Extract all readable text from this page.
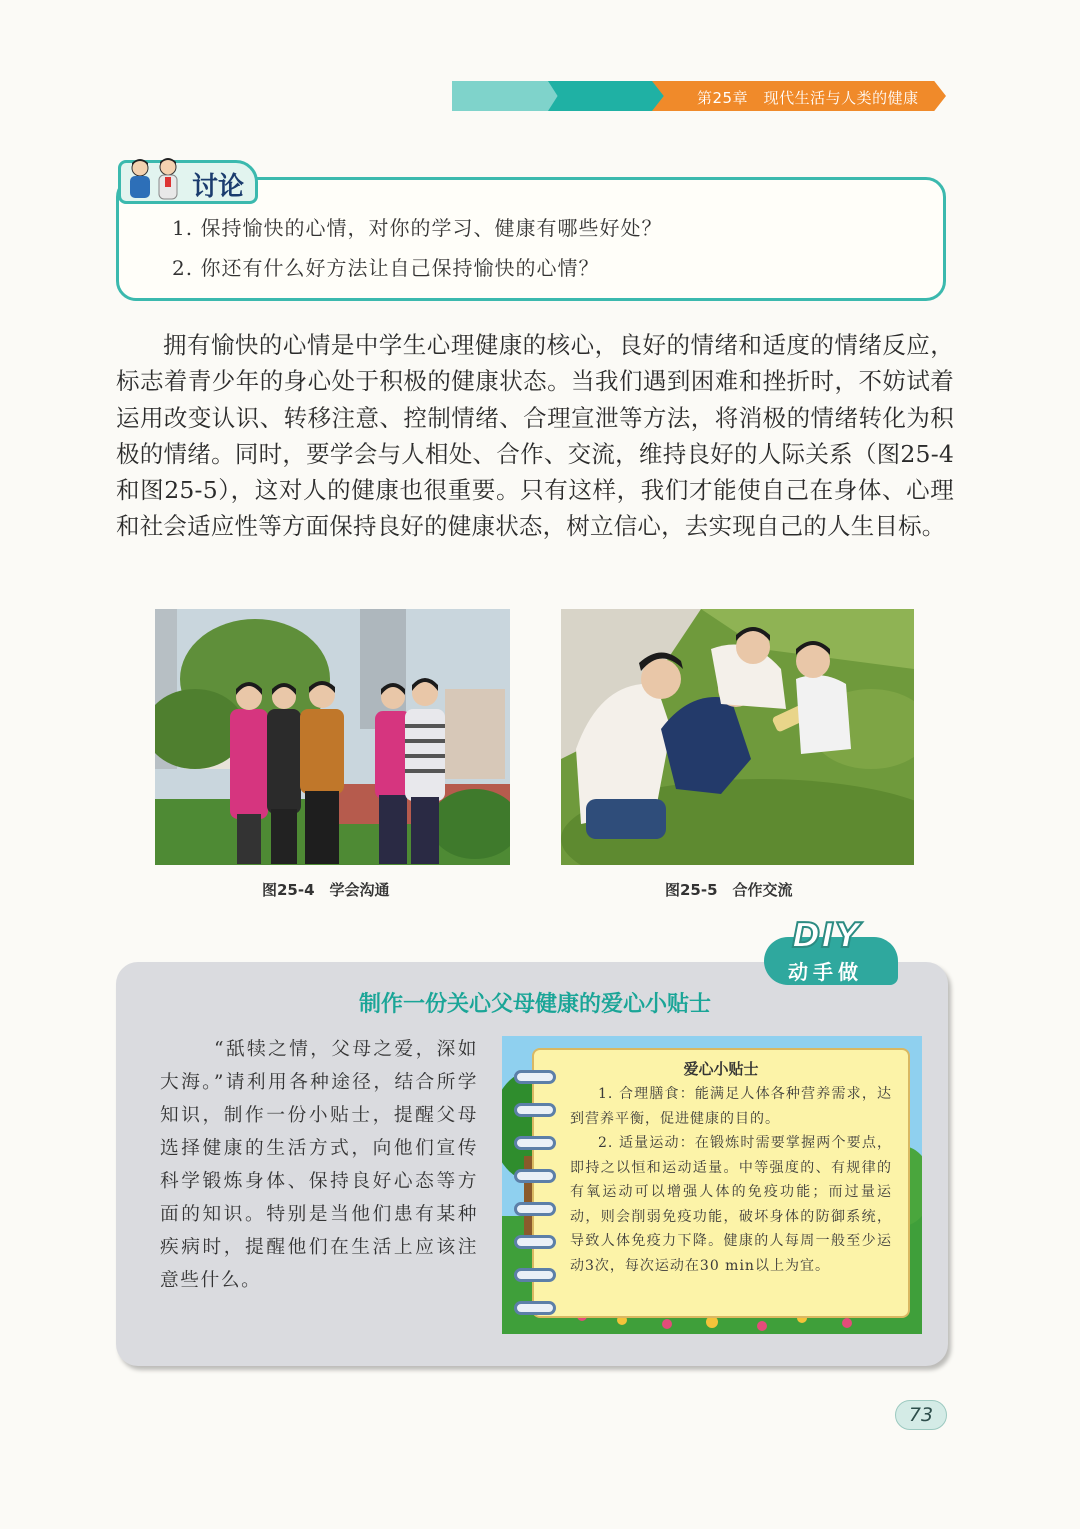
第25章　现代生活与人类的健康
讨论
1. 保持愉快的心情，对你的学习、健康有哪些好处？
2. 你还有什么好方法让自己保持愉快的心情？

拥有愉快的心情是中学生心理健康的核心，良好的情绪和适度的情绪反应，标志着青少年的身心处于积极的健康状态。当我们遇到困难和挫折时，不妨试着运用改变认识、转移注意、控制情绪、合理宣泄等方法，将消极的情绪转化为积极的情绪。同时，要学会与人相处、合作、交流，维持良好的人际关系（图25-4和图25-5），这对人的健康也很重要。只有这样，我们才能使自己在身体、心理和社会适应性等方面保持良好的健康状态，树立信心，去实现自己的人生目标。

图25-4　学会沟通	图25-5　合作交流
DIY
动手做
制作一份关心父母健康的爱心小贴士

“舐犊之情，父母之爱，深如大海。”请利用各种途径，结合所学知识，制作一份小贴士，提醒父母选择健康的生活方式，向他们宣传科学锻炼身体、保持良好心态等方面的知识。特别是当他们患有某种疾病时，提醒他们在生活上应该注意些什么。

爱心小贴士

1. 合理膳食：能满足人体各种营养需求，达到营养平衡，促进健康的目的。

2. 适量运动：在锻炼时需要掌握两个要点，即持之以恒和运动适量。中等强度的、有规律的有氧运动可以增强人体的免疫功能；而过量运动，则会削弱免疫功能，破坏身体的防御系统，导致人体免疫力下降。健康的人每周一般至少运动3次，每次运动在30 min以上为宜。

73
